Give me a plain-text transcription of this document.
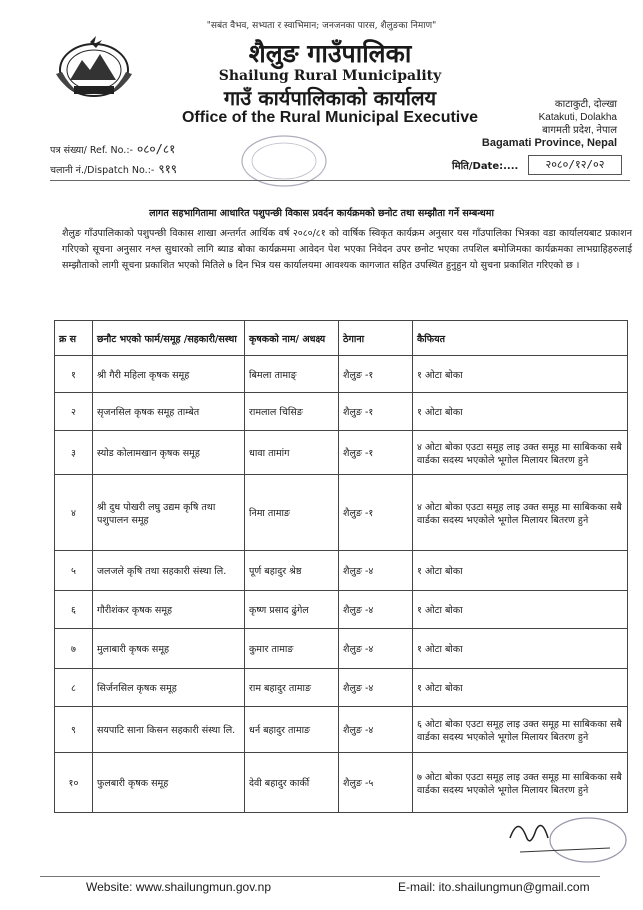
"सबंत वैभव, सभ्यता र स्वाभिमान; जनजनका पारस, शैलुङका निमाण"
शैलुङ गाउँपालिका
Shailung Rural Municipality
गाउँ कार्यपालिकाको कार्यालय
Office of the Rural Municipal Executive
काटाकुटी, दोल्खा
Katakuti, Dolakha
बागमती प्रदेश, नेपाल
Bagamati Province, Nepal
पत्र संख्या/ Ref. No.:- ०८०/८१
चलानी नं./Dispatch No.:- ९१९	मिति/Date:....	२०८०/१२/०२
लागत सहभागितामा आधारित पशुपन्छी विकास प्रवर्दन कार्यक्रमको छनोट तथा सम्झौता गर्ने सम्बन्धमा
शैलुङ गाँउपालिकाको पशुपन्छी विकास शाखा अन्तर्गत आर्थिक वर्ष २०८०/८१ को वार्षिक स्विकृत कार्यक्रम अनुसार यस गाँउपालिका भित्रका वडा कार्यालयबाट प्रकाशन गरिएको सूचना अनुसार नश्ल सुधारको लागि ब्याड बोका कार्यक्रममा आवेदन पेश भएका निवेदन उपर छनोट भएका तपशिल बमोजिमका कार्यक्रमका लाभग्राहिहरुलाई सम्झौताको लागी सूचना प्रकाशित भएको मितिले ७ दिन भित्र यस कार्यालयमा आवश्यक कागजात सहित उपस्थित हुनुहुन यो सुचना प्रकाशित गरिएको छ ।
क्र स	छनौट भएको फार्म/समूह /सहकारी/सस्था	कृषकको नाम/ अधक्ष्य	ठेगाना	कैफियत
१	श्री गैरी महिला कृषक समूह	बिमला तामाङ्	शैलुङ -१	१ ओटा बोका
२	सृजनसिल कृषक समूह ताम्बेत	रामलाल चिसिङ	शैलुङ -१	१ ओटा बोका
३	स्योड कोलामखान कृषक समूह	धावा तामांग	शैलुङ -१	४ ओटा बोका एउटा समूह लाइ उक्त समूह मा साबिकका सबै वार्डका सदस्य भएकोले भूगोल मिलायर बितरण हुने
४	श्री दुध पोखरी लघु उद्यम कृषि तथा पशुपालन समूह	निमा तामाङ	शैलुङ -१	४ ओटा बोका एउटा समूह लाइ उक्त समूह मा साबिकका सबै वार्डका सदस्य भएकोले भूगोल मिलायर बितरण हुने
५	जलजले कृषि तथा सहकारी संस्था लि.	पूर्ण बहादुर श्रेष्ठ	शैलुङ -४	१ ओटा बोका
६	गौरीशंकर कृषक समूह	कृष्ण प्रसाद ढुंगेल	शैलुङ -४	१ ओटा बोका
७	मुलाबारी कृषक समूह	कुमार तामाङ	शैलुङ -४	१ ओटा बोका
८	सिर्जनसिल कृषक समूह	राम बहादुर तामाङ	शैलुङ -४	१ ओटा बोका
९	सयपाटि साना किसन सहकारी संस्था लि.	धर्न बहादुर तामाङ	शैलुङ -४	६ ओटा बोका एउटा समूह लाइ उक्त समूह मा साबिकका सबै वार्डका सदस्य भएकोले भूगोल मिलायर बितरण हुने
१०	फुलबारी कृषक समूह	देवी बहादुर कार्की	शैलुङ -५	७ ओटा बोका एउटा समूह लाइ उक्त समूह मा साबिकका सबै वार्डका सदस्य भएकोले भूगोल मिलायर बितरण हुने
Website: www.shailungmun.gov.np	E-mail: ito.shailungmun@gmail.com
